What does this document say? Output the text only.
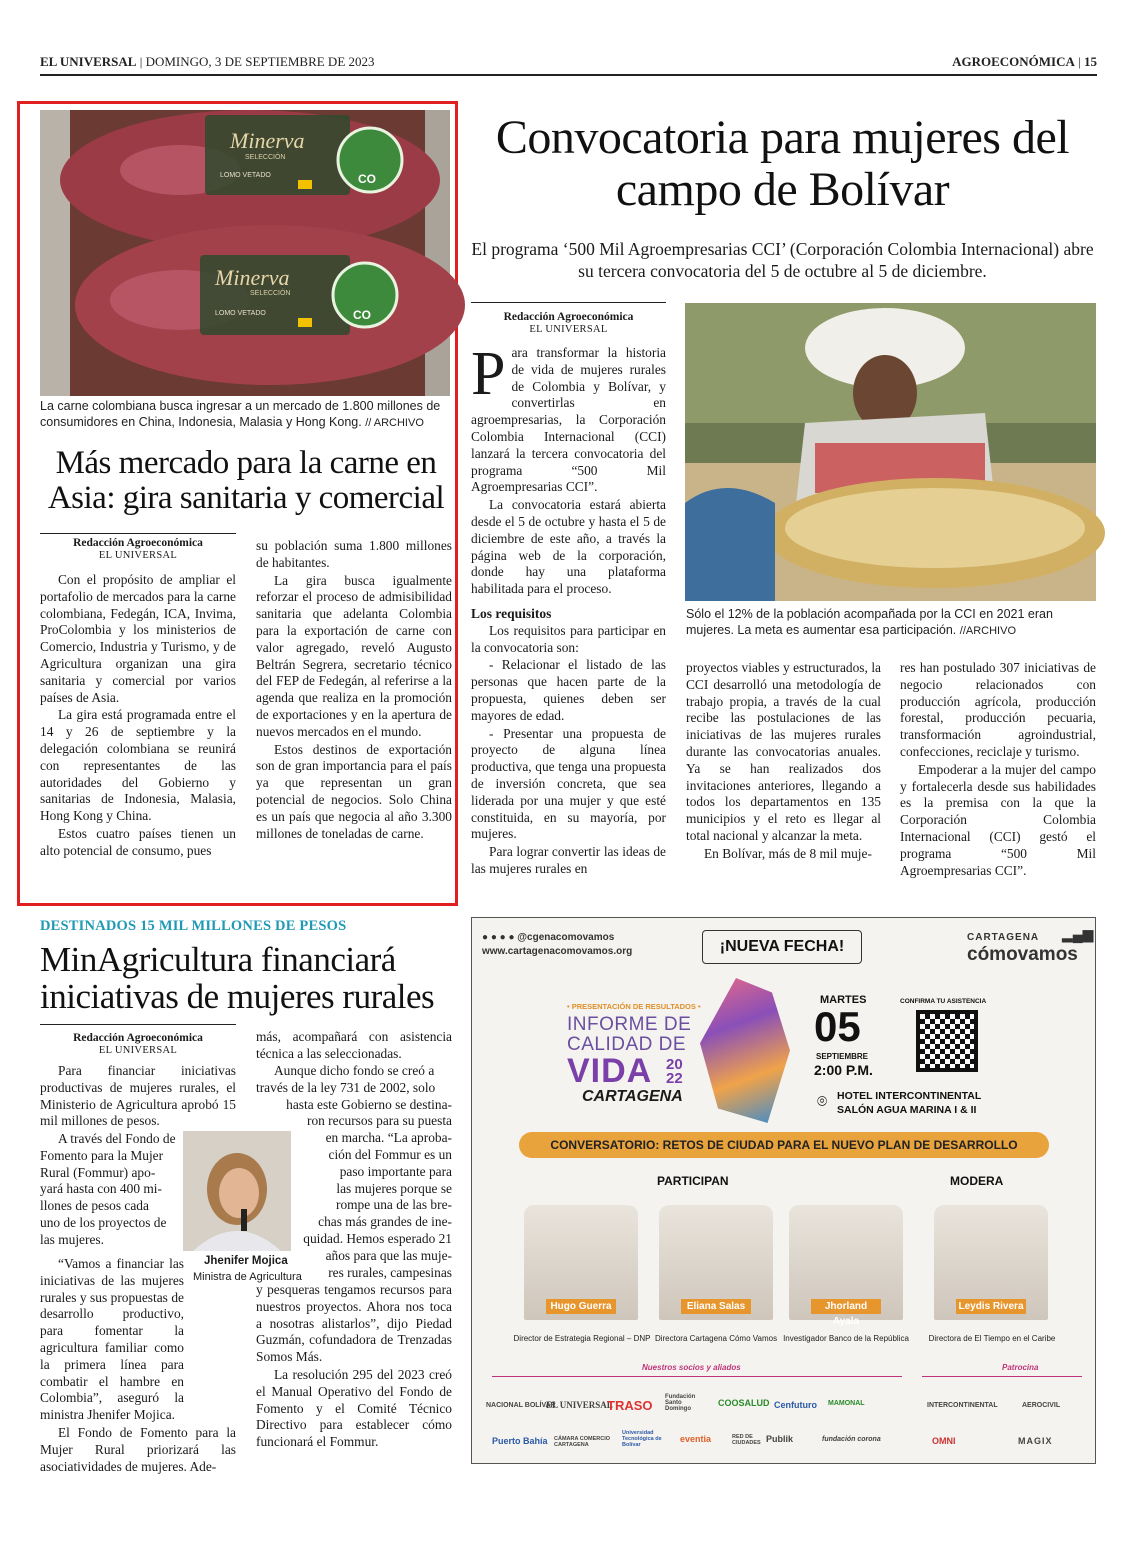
EL UNIVERSAL | DOMINGO, 3 DE SEPTIEMBRE DE 2023	AGROECONÓMICA | 15
Minerva
SELECCIÓN
LOMO VETADO	CO
Minerva
SELECCIÓN
LOMO VETADO	CO
La carne colombiana busca ingresar a un mercado de 1.800 millones de consumidores en China, Indonesia, Malasia y Hong Kong. // ARCHIVO
Más mercado para la carne en Asia: gira sanitaria y comercial
Redacción Agroeconómica
EL UNIVERSAL

Con el propósito de ampliar el portafolio de mercados para la carne colombiana, Fedegán, ICA, Invima, ProColombia y los ministerios de Comercio, Industria y Turismo, y de Agricultura organizan una gira sanitaria y comercial por varios países de Asia.

La gira está programada entre el 14 y 26 de septiembre y la delegación colombiana se reunirá con representantes de las autoridades del Gobierno y sanitarias de Indonesia, Malasia, Hong Kong y China.

Estos cuatro países tienen un alto potencial de consumo, pues

su población suma 1.800 millones de habitantes.

La gira busca igualmente reforzar el proceso de admisibilidad sanitaria que adelanta Colombia para la exportación de carne con valor agregado, reveló Augusto Beltrán Segrera, secretario técnico del FEP de Fedegán, al referirse a la agenda que realiza en la promoción de exportaciones y en la apertura de nuevos mercados en el mundo.

Estos destinos de exportación son de gran importancia para el país ya que representan un gran potencial de negocios. Solo China es un país que negocia al año 3.300 millones de toneladas de carne.

Convocatoria para mujeres del campo de Bolívar
El programa ‘500 Mil Agroempresarias CCI’ (Corporación Colombia Internacional) abre su tercera convocatoria del 5 de octubre al 5 de diciembre.
Redacción Agroeconómica
EL UNIVERSAL
P ara transformar la historia de vida de mujeres rurales de Colombia y Bolívar, y convertirlas en agroempresarias, la Corporación Colombia Internacional (CCI) lanzará la tercera convocatoria del programa “500 Mil Agroempresarias CCI”.

La convocatoria estará abierta desde el 5 de octubre y hasta el 5 de diciembre de este año, a través la página web de la corporación, donde hay una plataforma habilitada para el proceso.

Los requisitos

Los requisitos para participar en la convocatoria son:

- Relacionar el listado de las personas que hacen parte de la propuesta, quienes deben ser mayores de edad.

- Presentar una propuesta de proyecto de alguna línea productiva, que tenga una propuesta de inversión concreta, que sea liderada por una mujer y que esté constituida, en su mayoría, por mujeres.

Para lograr convertir las ideas de las mujeres rurales en

Sólo el 12% de la población acompañada por la CCI en 2021 eran mujeres. La meta es aumentar esa participación. //ARCHIVO

proyectos viables y estructurados, la CCI desarrolló una metodología de trabajo propia, a través de la cual recibe las postulaciones de las iniciativas de las mujeres rurales durante las convocatorias anuales. Ya se han realizados dos invitaciones anteriores, llegando a todos los departamentos en 135 municipios y el reto es llegar al total nacional y alcanzar la meta.

En Bolívar, más de 8 mil muje-

res han postulado 307 iniciativas de negocio relacionados con producción agrícola, producción forestal, producción pecuaria, transformación agroindustrial, confecciones, reciclaje y turismo.

Empoderar a la mujer del campo y fortalecerla desde sus habilidades es la premisa con la que la Corporación Colombia Internacional (CCI) gestó el programa “500 Mil Agroempresarias CCI”.

DESTINADOS 15 MIL MILLONES DE PESOS
MinAgricultura financiará iniciativas de mujeres rurales
Redacción Agroeconómica
EL UNIVERSAL

Para financiar iniciativas productivas de mujeres rurales, el Ministerio de Agricultura aprobó 15 mil millones de pesos.

A través del Fondo de
Fomento para la Mujer
Rural (Fommur) apo-
yará hasta con 400 mi-
llones de pesos cada
uno de los proyectos de
las mujeres.

“Vamos a financiar las iniciativas de las mujeres rurales y sus propuestas de desarrollo productivo, para fomentar la agricultura familiar como la primera línea para combatir el hambre en Colombia”, aseguró la ministra Jhenifer Mojica.

El Fondo de Fomento para la Mujer Rural priorizará las asociatividades de mujeres. Ade-

Jhenifer Mojica
Ministra de Agricultura

más, acompañará con asistencia técnica a las seleccionadas.

Aunque dicho fondo se creó a
través de la ley 731 de 2002, solo
hasta este Gobierno se destina-
ron recursos para su puesta
en marcha. “La aproba-
ción del Fommur es un
paso importante para
las mujeres porque se
rompe una de las bre-
chas más grandes de ine-
quidad. Hemos esperado 21
años para que las muje-
res rurales, campesinas

y pesqueras tengamos recursos para nuestros proyectos. Ahora nos toca a nosotras alistarlos”, dijo Piedad Guzmán, cofundadora de Trenzadas Somos Más.

La resolución 295 del 2023 creó el Manual Operativo del Fondo de Fomento y el Comité Técnico Directivo para establecer cómo funcionará el Fommur.

● ● ● ● @cgenacomovamos
www.cartagenacomovamos.org	¡NUEVA FECHA!
CARTAGENA
cómovamos
▂▄▆
• PRESENTACIÓN DE RESULTADOS •
INFORME DE
CALIDAD DE
VIDA 2022
CARTAGENA
MARTES
05
SEPTIEMBRE
2:00 P.M.
CONFIRMA TU ASISTENCIA
⌾ HOTEL INTERCONTINENTAL
SALÓN AGUA MARINA I & II
CONVERSATORIO: RETOS DE CIUDAD PARA EL NUEVO PLAN DE DESARROLLO
PARTICIPAN	MODERA
Hugo Guerra
Director de Estrategia Regional – DNP
Eliana Salas
Directora Cartagena Cómo Vamos
Jhorland Ayala
Investigador Banco de la República
Leydis Rivera
Directora de El Tiempo en el Caribe
Nuestros socios y aliados	Patrocina
NACIONAL BOLÍVAR
EL UNIVERSAL
TRASO
Fundación Santo Domingo
COOSALUD Cenfuturo MAMONAL	INTERCONTINENTAL	AEROCIVIL
Puerto Bahía CÁMARA COMERCIO CARTAGENA
Universidad Tecnológica de Bolívar
eventia	RED DE CIUDADES Publik	fundación corona	OMNI	MAGIX
